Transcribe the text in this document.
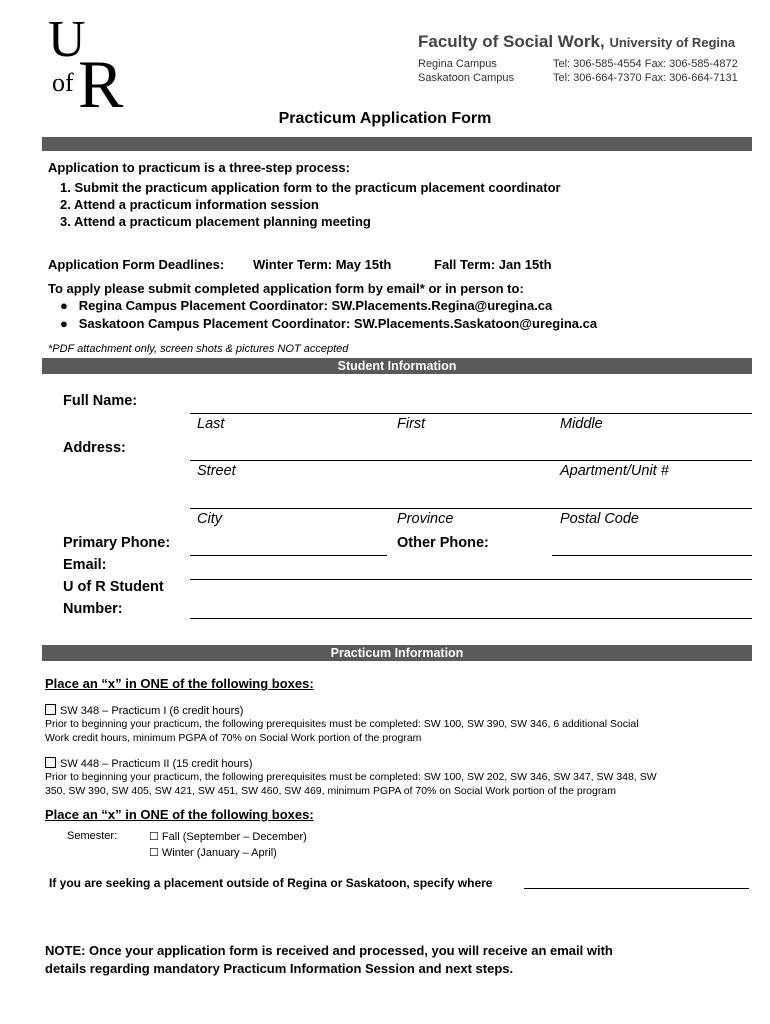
U
of R
Faculty of Social Work, University of Regina
Regina Campus	Tel: 306-585-4554 Fax: 306-585-4872
Saskatoon Campus	Tel: 306-664-7370 Fax: 306-664-7131
Practicum Application Form
Application to practicum is a three-step process:
1. Submit the practicum application form to the practicum placement coordinator
2. Attend a practicum information session
3. Attend a practicum placement planning meeting
Application Form Deadlines: Winter Term: May 15th	Fall Term: Jan 15th
To apply please submit completed application form by email* or in person to:
●   Regina Campus Placement Coordinator: SW.Placements.Regina@uregina.ca
●   Saskatoon Campus Placement Coordinator: SW.Placements.Saskatoon@uregina.ca
*PDF attachment only, screen shots & pictures NOT accepted
Student Information
Full Name:
Last	First	Middle
Address:
Street	Apartment/Unit #
City	Province	Postal Code
Primary Phone:	Other Phone:
Email:
U of R Student
Number:
Practicum Information
Place an “x” in ONE of the following boxes:
SW 348 – Practicum I (6 credit hours)
Prior to beginning your practicum, the following prerequisites must be completed: SW 100, SW 390, SW 346, 6 additional Social
Work credit hours, minimum PGPA of 70% on Social Work portion of the program
SW 448 – Practicum II (15 credit hours)
Prior to beginning your practicum, the following prerequisites must be completed: SW 100, SW 202, SW 346, SW 347, SW 348, SW
350, SW 390, SW 405, SW 421, SW 451, SW 460, SW 469, minimum PGPA of 70% on Social Work portion of the program
Place an “x” in ONE of the following boxes:
Semester:	☐ Fall (September – December)
☐ Winter (January – April)
If you are seeking a placement outside of Regina or Saskatoon, specify where
NOTE: Once your application form is received and processed, you will receive an email with
details regarding mandatory Practicum Information Session and next steps.
